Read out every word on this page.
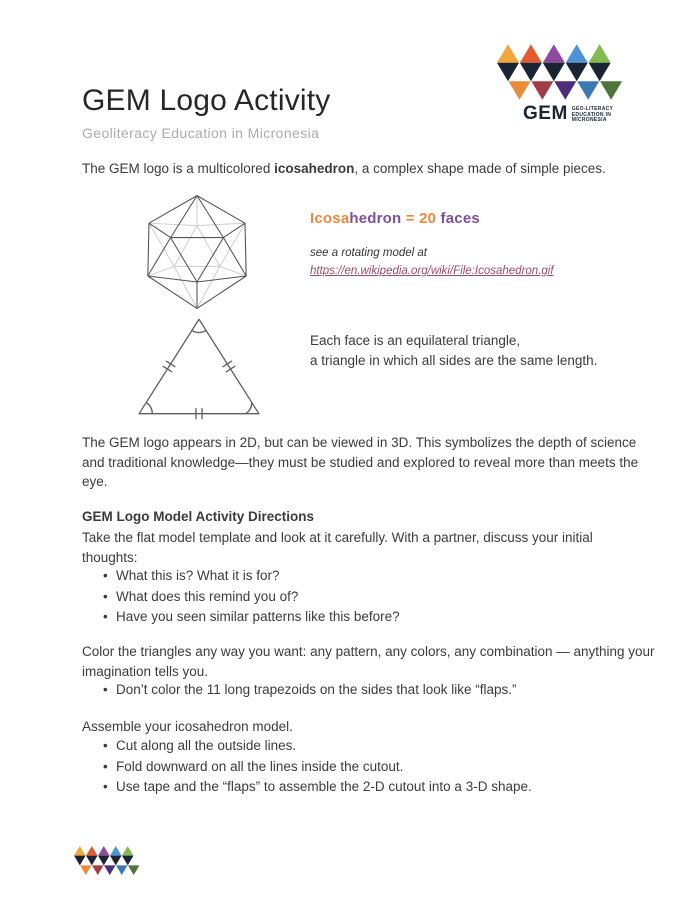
GEM GEO-LITERACY
EDUCATION IN
MICRONESIA
GEM Logo Activity
Geoliteracy Education in Micronesia
The GEM logo is a multicolored icosahedron, a complex shape made of simple pieces.
Icosahedron = 20 faces
see a rotating model at
https://en.wikipedia.org/wiki/File:Icosahedron.gif
Each face is an equilateral triangle,
a triangle in which all sides are the same length.
The GEM logo appears in 2D, but can be viewed in 3D. This symbolizes the depth of science and traditional knowledge—they must be studied and explored to reveal more than meets the eye.
GEM Logo Model Activity Directions
Take the flat model template and look at it carefully. With a partner, discuss your initial thoughts:
• What this is? What it is for?
• What does this remind you of?
• Have you seen similar patterns like this before?
Color the triangles any way you want: any pattern, any colors, any combination — anything your imagination tells you.
• Don’t color the 11 long trapezoids on the sides that look like “flaps.”
Assemble your icosahedron model.
• Cut along all the outside lines.
• Fold downward on all the lines inside the cutout.
• Use tape and the “flaps” to assemble the 2-D cutout into a 3-D shape.
